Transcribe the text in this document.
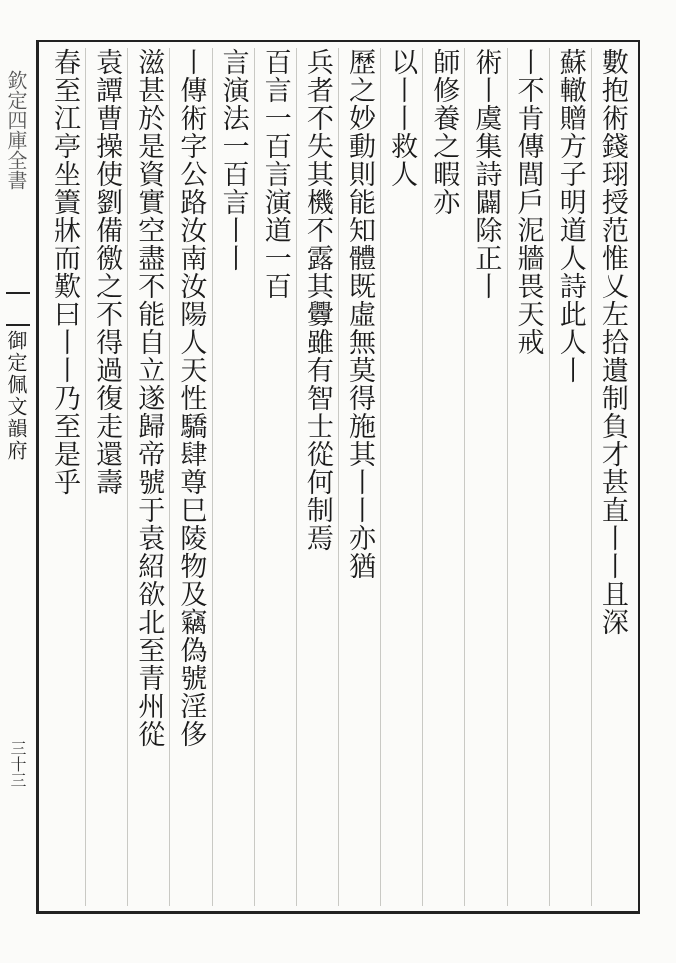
欽定四庫全書
御定佩文韻府
三十三
數抱術錢珝授范惟乂左拾遺制負才甚直丨丨且深
蘇轍贈方子明道人詩此人丨
丨不肯傳閭戶泥牆畏天戒
術丨虞集詩闢除正丨
師修養之暇亦
以丨丨救人
歷之妙動則能知體既虛無莫得施其丨丨亦猶
兵者不失其機不露其釁雖有智士從何制焉
百言一百言演道一百
言演法一百言丨丨
丨傳術字公路汝南汝陽人天性驕肆尊巳陵物及竊偽號淫侈
滋甚於是資實空盡不能自立遂歸帝號于袁紹欲北至青州從
袁譚曹操使劉備徼之不得過復走還壽
春至江亭坐簀牀而歎曰丨丨乃至是乎
